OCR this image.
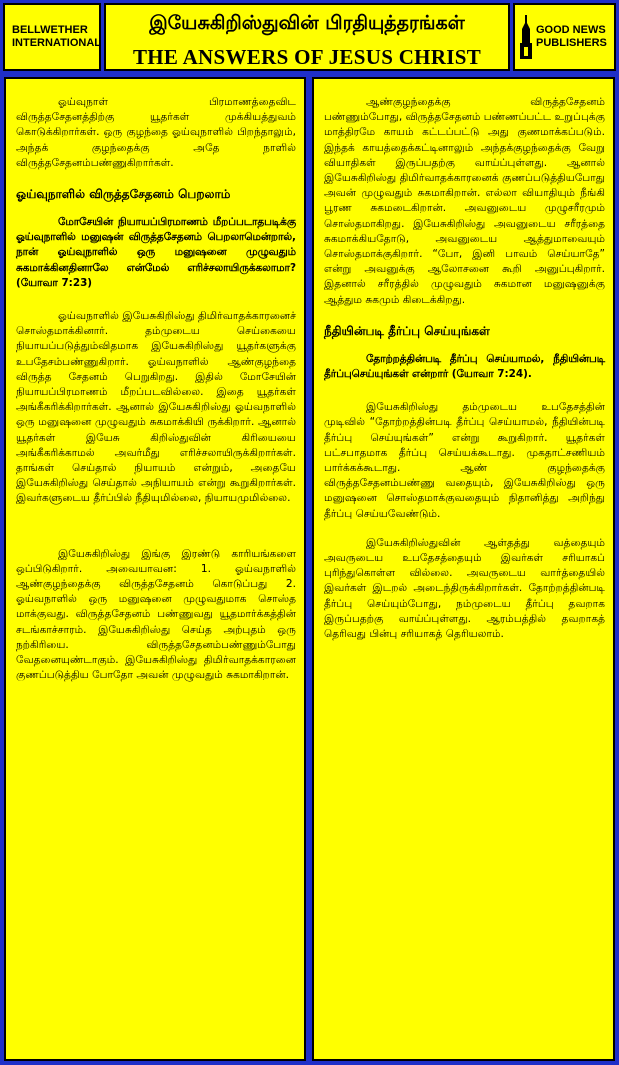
BELLWETHER
INTERNATIONAL
இயேசுகிறிஸ்துவின் பிரதியுத்தரங்கள்
THE ANSWERS OF JESUS CHRIST
GOOD NEWS
PUBLISHERS

ஓய்வுநாள் பிரமாணத்தைவிட விருத்தசேதனத்திற்கு யூதர்கள் முக்கியத்துவம் கொடுக்கிறார்கள். ஒரு குழந்தை ஓய்வுநாளில் பிறந்தாலும், அந்தக் குழந்தைக்கு அதே நாளில் விருத்தசேதனம்பண்ணுகிறார்கள்.

ஓய்வுநாளில் விருத்தசேதனம் பெறலாம்
மோசேயின் நியாயப்பிரமாணம் மீறப்படாதபடிக்கு ஓய்வுநாளில் மனுஷன் விருத்தசேதனம் பெறலாமென்றால், நான் ஓய்வுநாளில் ஒரு மனுஷனை முழுவதும் சுகமாக்கினதினாலே என்மேல் எரிச்சலாயிருக்கலாமா? (யோவா 7:23)

ஓய்வநாளில் இயேசுகிறிஸ்து திமிர்வாதக்காரனைச் சொஸ்தமாக்கினார். தம்முடைய செய்கையை நியாயப்படுத்தும்விதமாக இயேசுகிறிஸ்து யூதர்களுக்கு உபதேசம்பண்ணுகிறார். ஓய்வநாளில் ஆண்குழந்தை விருத்த சேதனம் பெறுகிறது. இதில் மோசேயின் நியாயப்பிரமாணம் மீறப்படவில்லை. இதை யூதர்கள் அங்கீகரிக்கிறார்கள். ஆனால் இயேசுகிறிஸ்து ஓய்வநாளில் ஒரு மனுஷனை முழுவதும் சுகமாக்கியி ருக்கிறார். ஆனால் யூதர்கள் இயேசு கிறிஸ்துவின் கிரியையை அங்கீகரிக்காமல் அவர்மீது எரிச்சலாயிருக்கிறார்கள். தாங்கள் செய்தால் நியாயம் என்றும், அதையே இயேசுகிறிஸ்து செய்தால் அநியாயம் என்று கூறுகிறார்கள். இவர்களுடைய தீர்ப்பில் நீதியுமில்லை, நியாயமுமில்லை.

இயேசுகிறிஸ்து இங்கு இரண்டு காரியங்களை ஒப்பிடுகிறார். அவையாவன: 1. ஓய்வநாளில் ஆண்குழந்தைக்கு விருத்தசேதனம் கொடுப்பது 2. ஓய்வநாளில் ஒரு மனுஷனை முழுவதுமாக சொஸ்த மாக்குவது. விருத்தசேதனம் பண்ணுவது யூதமார்க்கத்தின் சடங்காச்சாரம். இயேசுகிறிஸ்து செய்த அற்புதம் ஒரு நற்கிரியை. விருத்தசேதனம்பண்ணும்போது வேதனையுண்டாகும். இயேசுகிறிஸ்து திமிர்வாதக்காரனை குணப்படுத்திய போதோ அவன் முழுவதும் சுகமாகிறான்.

ஆண்குழந்தைக்கு விருத்தசேதனம் பண்ணும்போது, விருத்தசேதனம் பண்ணப்பட்ட உறுப்புக்கு மாத்திரமே காயம் கட்டப்பட்டு அது குணமாக்கப்படும். இந்தக் காயத்தைக்கட்டினாலும் அந்தக்குழந்தைக்கு வேறு வியாதிகள் இருப்பதற்கு வாய்ப்புள்ளது. ஆனால் இயேசுகிறிஸ்து திமிர்வாதக்காரனைக் குணப்படுத்தியபோது அவன் முழுவதும் சுகமாகிறான். எல்லா வியாதியும் நீங்கி பூரண சுகமடைகிறான். அவனுடைய முழுசரீரமும் சொஸ்தமாகிறது. இயேசுகிறிஸ்து அவனுடைய சரீரத்தை சுகமாக்கியதோடு, அவனுடைய ஆத்துமாவையும் சொஸ்தமாக்குகிறார். “போ, இனி பாவம் செய்யாதே” என்று அவனுக்கு ஆலோசனை கூறி அனுப்புகிறார். இதனால் சரீரத்தில் முழுவதும் சுகமான மனுஷனுக்கு ஆத்தும சுகமும் கிடைக்கிறது.

நீதியின்படி தீர்ப்பு செய்யுங்கள்
தோற்றத்தின்படி தீர்ப்பு செய்யாமல், நீதியின்படி தீர்ப்புசெய்யுங்கள் என்றார் (யோவா 7:24).

இயேசுகிறிஸ்து தம்முடைய உபதேசத்தின் முடிவில் “தோற்றத்தின்படி தீர்ப்பு செய்யாமல், நீதியின்படி தீர்ப்பு செய்யுங்கள்” என்று கூறுகிறார். யூதர்கள் பட்சபாதமாக தீர்ப்பு செய்யக்கூடாது. முகதாட்சணியம் பார்க்கக்கூடாது. ஆண் குழந்தைக்கு விருத்தசேதனம்பண்ணு வதையும், இயேசுகிறிஸ்து ஒரு மனுஷனை சொஸ்தமாக்குவதையும் நிதானித்து அறிந்து தீர்ப்பு செய்யவேண்டும்.

இயேசுகிறிஸ்துவின் ஆள்தத்து வத்தையும் அவருடைய உபதேசத்தையும் இவர்கள் சரியாகப் புரிந்துகொள்ள வில்லை. அவருடைய வார்த்தையில் இவர்கள் இடறல் அடைந்திருக்கிறார்கள். தோற்றத்தின்படி தீர்ப்பு செய்யும்போது, நம்முடைய தீர்ப்பு தவறாக இருப்பதற்கு வாய்ப்புள்ளது. ஆரம்பத்தில் தவறாகத் தெரிவது பின்பு சரியாகத் தெரியலாம்.
